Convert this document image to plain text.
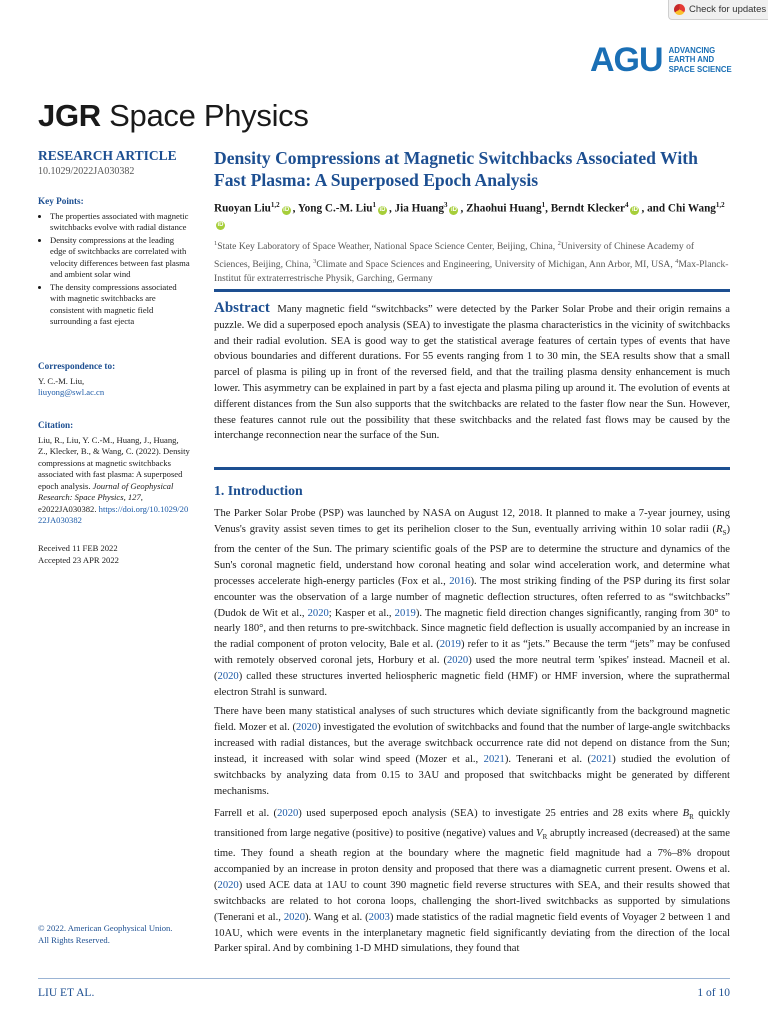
Check for updates
AGU ADVANCING
EARTH AND
SPACE SCIENCE
JGR Space Physics
RESEARCH ARTICLE
10.1029/2022JA030382
Key Points:
• The properties associated with magnetic switchbacks evolve with radial distance
• Density compressions at the leading edge of switchbacks are correlated with velocity differences between fast plasma and ambient solar wind
• The density compressions associated with magnetic switchbacks are consistent with magnetic field surrounding a fast ejecta
Correspondence to:
Y. C.-M. Liu,
liuyong@swl.ac.cn
Citation:
Liu, R., Liu, Y. C.-M., Huang, J., Huang, Z., Klecker, B., & Wang, C. (2022). Density compressions at magnetic switchbacks associated with fast plasma: A superposed epoch analysis. Journal of Geophysical Research: Space Physics, 127, e2022JA030382. https://doi.org/10.1029/2022JA030382
Received 11 FEB 2022
Accepted 23 APR 2022
© 2022. American Geophysical Union.
All Rights Reserved.
Density Compressions at Magnetic Switchbacks Associated With Fast Plasma: A Superposed Epoch Analysis
Ruoyan Liu$^{1,2}$iD , Yong C.-M. Liu$^1$iD , Jia Huang$^3$iD , Zhaohui Huang$^1$, Berndt Klecker$^4$iD , and Chi Wang$^{1,2}$iD
$^1$State Key Laboratory of Space Weather, National Space Science Center, Beijing, China, $^2$University of Chinese Academy of Sciences, Beijing, China, $^3$Climate and Space Sciences and Engineering, University of Michigan, Ann Arbor, MI, USA, $^4$Max-Planck-Institut für extraterrestrische Physik, Garching, Germany
Abstract Many magnetic field “switchbacks” were detected by the Parker Solar Probe and their origin remains a puzzle. We did a superposed epoch analysis (SEA) to investigate the plasma characteristics in the vicinity of switchbacks and their radial evolution. SEA is good way to get the statistical average features of certain types of events that have obvious boundaries and different durations. For 55 events ranging from 1 to 30 min, the SEA results show that a small parcel of plasma is piling up in front of the reversed field, and that the trailing plasma density enhancement is much lower. This asymmetry can be explained in part by a fast ejecta and plasma piling up around it. The evolution of events at different distances from the Sun also supports that the switchbacks are related to the faster flow near the Sun. However, these features cannot rule out the possibility that these switchbacks and the related fast flows may be caused by the interchange reconnection near the surface of the Sun.
1. Introduction
The Parker Solar Probe (PSP) was launched by NASA on August 12, 2018. It planned to make a 7-year journey, using Venus's gravity assist seven times to get its perihelion closer to the Sun, eventually arriving within 10 solar radii $(R_S)$ from the center of the Sun. The primary scientific goals of the PSP are to determine the structure and dynamics of the Sun's coronal magnetic field, understand how coronal heating and solar wind acceleration work, and determine what processes accelerate high-energy particles (Fox et al., 2016). The most striking finding of the PSP during its first solar encounter was the observation of a large number of magnetic deflection structures, often referred to as “switchbacks” (Dudok de Wit et al., 2020; Kasper et al., 2019). The magnetic field direction changes significantly, ranging from 30° to nearly 180°, and then returns to pre-switchback. Since magnetic field deflection is usually accompanied by an increase in the radial component of proton velocity, Bale et al. (2019) refer to it as “jets.” Because the term “jets” may be confused with remotely observed coronal jets, Horbury et al. (2020) used the more neutral term 'spikes' instead. Macneil et al. (2020) called these structures inverted heliospheric magnetic field (HMF) or HMF inversion, where the suprathermal electron Strahl is sunward.
There have been many statistical analyses of such structures which deviate significantly from the background magnetic field. Mozer et al. (2020) investigated the evolution of switchbacks and found that the number of large-angle switchbacks increased with radial distances, but the average switchback occurrence rate did not depend on distance from the Sun; instead, it increased with solar wind speed (Mozer et al., 2021). Tenerani et al. (2021) studied the evolution of switchbacks by analyzing data from 0.15 to 3AU and proposed that switchbacks might be generated by different mechanisms.
Farrell et al. (2020) used superposed epoch analysis (SEA) to investigate 25 entries and 28 exits where $B_R$ quickly transitioned from large negative (positive) to positive (negative) values and $V_R$ abruptly increased (decreased) at the same time. They found a sheath region at the boundary where the magnetic field magnitude had a 7%–8% dropout accompanied by an increase in proton density and proposed that there was a diamagnetic current present. Owens et al. (2020) used ACE data at 1AU to count 390 magnetic field reverse structures with SEA, and their results showed that switchbacks are related to hot corona loops, challenging the short-lived switchbacks as supported by simulations (Tenerani et al., 2020). Wang et al. (2003) made statistics of the radial magnetic field events of Voyager 2 between 1 and 10AU, which were events in the interplanetary magnetic field significantly deviating from the direction of the local Parker spiral. And by combining 1-D MHD simulations, they found that
LIU ET AL.	1 of 10
